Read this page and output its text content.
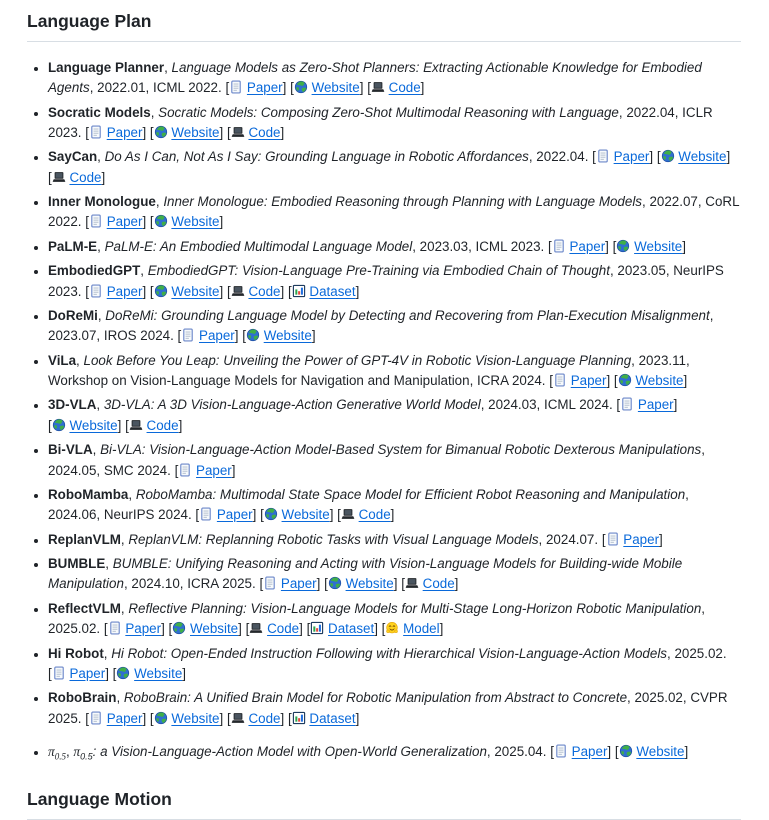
Language Plan
• Language Planner, Language Models as Zero-Shot Planners: Extracting Actionable Knowledge for Embodied Agents, 2022.01, ICML 2022. [ Paper] [ Website] [ Code]
• Socratic Models, Socratic Models: Composing Zero-Shot Multimodal Reasoning with Language, 2022.04, ICLR 2023. [ Paper] [ Website] [ Code]
• SayCan, Do As I Can, Not As I Say: Grounding Language in Robotic Affordances, 2022.04. [ Paper] [ Website] [ Code]
• Inner Monologue, Inner Monologue: Embodied Reasoning through Planning with Language Models, 2022.07, CoRL 2022. [ Paper] [ Website]
• PaLM-E, PaLM-E: An Embodied Multimodal Language Model, 2023.03, ICML 2023. [ Paper] [ Website]
• EmbodiedGPT, EmbodiedGPT: Vision-Language Pre-Training via Embodied Chain of Thought, 2023.05, NeurIPS 2023. [ Paper] [ Website] [ Code] [ Dataset]
• DoReMi, DoReMi: Grounding Language Model by Detecting and Recovering from Plan-Execution Misalignment, 2023.07, IROS 2024. [ Paper] [ Website]
• ViLa, Look Before You Leap: Unveiling the Power of GPT-4V in Robotic Vision-Language Planning, 2023.11, Workshop on Vision-Language Models for Navigation and Manipulation, ICRA 2024. [ Paper] [ Website]
• 3D-VLA, 3D-VLA: A 3D Vision-Language-Action Generative World Model, 2024.03, ICML 2024. [ Paper] [ Website] [ Code]
• Bi-VLA, Bi-VLA: Vision-Language-Action Model-Based System for Bimanual Robotic Dexterous Manipulations, 2024.05, SMC 2024. [ Paper]
• RoboMamba, RoboMamba: Multimodal State Space Model for Efficient Robot Reasoning and Manipulation, 2024.06, NeurIPS 2024. [ Paper] [ Website] [ Code]
• ReplanVLM, ReplanVLM: Replanning Robotic Tasks with Visual Language Models, 2024.07. [ Paper]
• BUMBLE, BUMBLE: Unifying Reasoning and Acting with Vision-Language Models for Building-wide Mobile Manipulation, 2024.10, ICRA 2025. [ Paper] [ Website] [ Code]
• ReflectVLM, Reflective Planning: Vision-Language Models for Multi-Stage Long-Horizon Robotic Manipulation, 2025.02. [ Paper] [ Website] [ Code] [ Dataset] [ Model]
• Hi Robot, Hi Robot: Open-Ended Instruction Following with Hierarchical Vision-Language-Action Models, 2025.02. [ Paper] [ Website]
• RoboBrain, RoboBrain: A Unified Brain Model for Robotic Manipulation from Abstract to Concrete, 2025.02, CVPR 2025. [ Paper] [ Website] [ Code] [ Dataset]
• $\pi_{0.5}$, $\pi_{0.5}$: a Vision-Language-Action Model with Open-World Generalization, 2025.04. [ Paper] [ Website]
Language Motion
